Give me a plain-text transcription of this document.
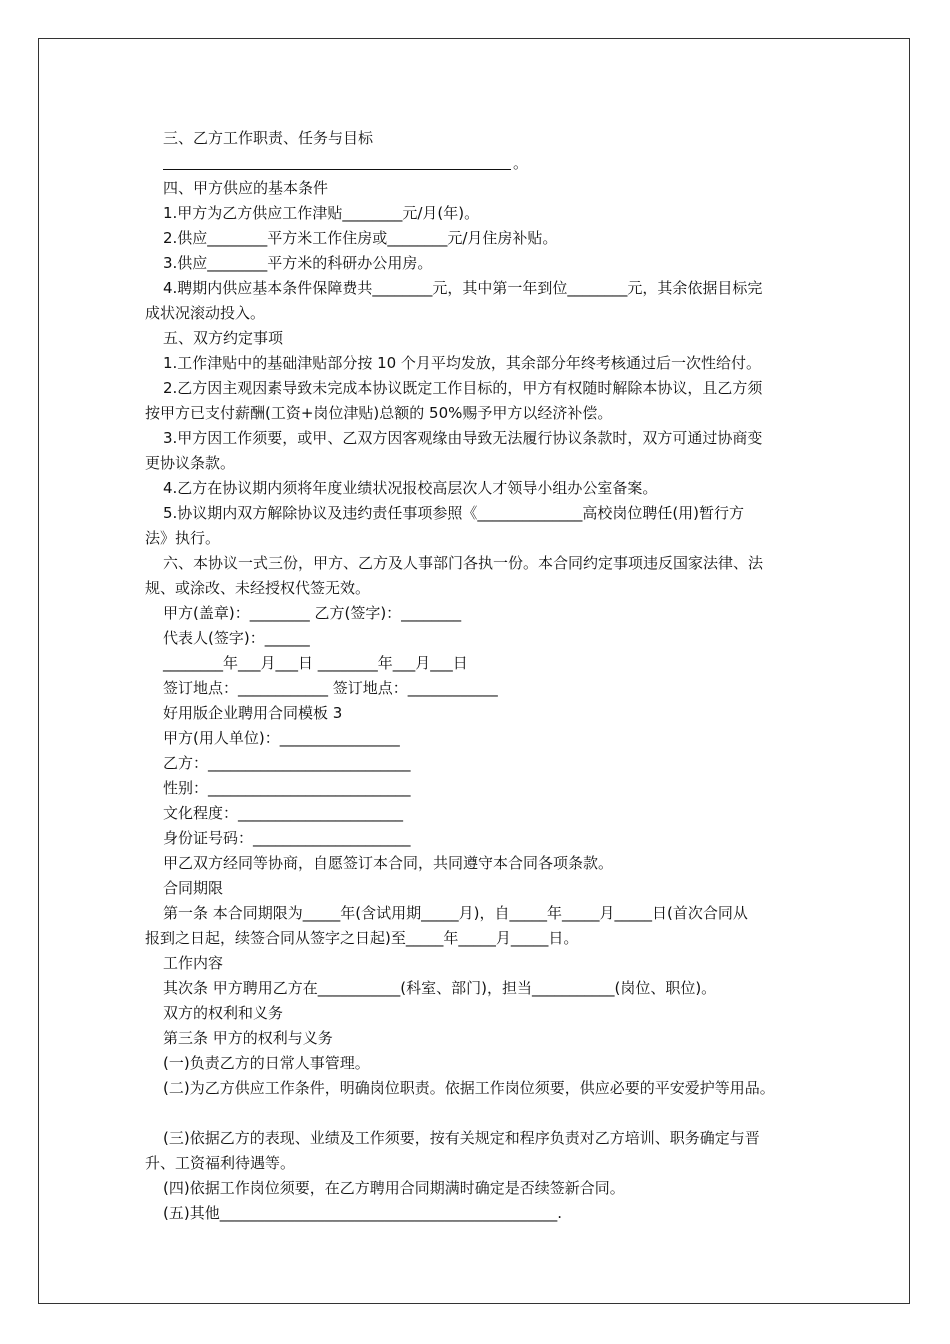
三、乙方工作职责、任务与目标
。
四、甲方供应的基本条件
1.甲方为乙方供应工作津贴________元/月(年)。
2.供应________平方米工作住房或________元/月住房补贴。
3.供应________平方米的科研办公用房。
4.聘期内供应基本条件保障费共________元，其中第一年到位________元，其余依据目标完
成状况滚动投入。
五、双方约定事项
1.工作津贴中的基础津贴部分按 10 个月平均发放，其余部分年终考核通过后一次性给付。
2.乙方因主观因素导致未完成本协议既定工作目标的，甲方有权随时解除本协议，且乙方须
按甲方已支付薪酬(工资+岗位津贴)总额的 50%赐予甲方以经济补偿。
3.甲方因工作须要，或甲、乙双方因客观缘由导致无法履行协议条款时，双方可通过协商变
更协议条款。
4.乙方在协议期内须将年度业绩状况报校高层次人才领导小组办公室备案。
5.协议期内双方解除协议及违约责任事项参照《______________高校岗位聘任(用)暂行方
法》执行。
六、本协议一式三份，甲方、乙方及人事部门各执一份。本合同约定事项违反国家法律、法
规、或涂改、未经授权代签无效。
甲方(盖章)：________ 乙方(签字)：________
代表人(签字)：______
________年___月___日 ________年___月___日
签订地点：____________ 签订地点：____________
好用版企业聘用合同模板 3
甲方(用人单位)：________________
乙方：___________________________
性别：___________________________
文化程度：______________________
身份证号码：_____________________
甲乙双方经同等协商，自愿签订本合同，共同遵守本合同各项条款。
合同期限
第一条 本合同期限为_____年(含试用期_____月)，自_____年_____月_____日(首次合同从
报到之日起，续签合同从签字之日起)至_____年_____月_____日。
工作内容
其次条 甲方聘用乙方在___________(科室、部门)，担当___________(岗位、职位)。
双方的权利和义务
第三条 甲方的权利与义务
(一)负责乙方的日常人事管理。
(二)为乙方供应工作条件，明确岗位职责。依据工作岗位须要，供应必要的平安爱护等用品。
(三)依据乙方的表现、业绩及工作须要，按有关规定和程序负责对乙方培训、职务确定与晋
升、工资福利待遇等。
(四)依据工作岗位须要，在乙方聘用合同期满时确定是否续签新合同。
(五)其他_____________________________________________.
